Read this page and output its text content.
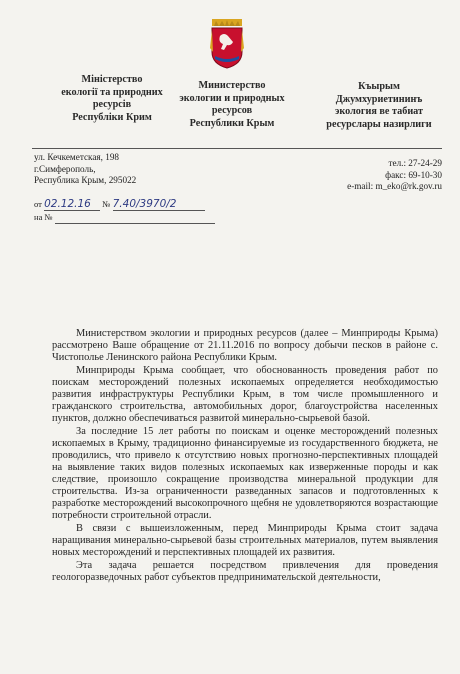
Міністерство
екології та природних
ресурсів
Республіки Крим
Министерство
экологии и природных
ресурсов
Республики Крым
Къырым
Джумхуриетининъ
экология ве табиат
ресурслары назирлиги
ул. Кечкеметская, 198
г.Симферополь,
Республика Крым, 295022
тел.: 27-24-29
факс: 69-10-30
e-mail: m_eko@rk.gov.ru
от 02.12.16 № 7.40/3970/2
на №

Министерством экологии и природных ресурсов (далее – Минприроды Крыма) рассмотрено Ваше обращение от 21.11.2016 по вопросу добычи песков в районе с. Чистополье Ленинского района Республики Крым.

Минприроды Крыма сообщает, что обоснованность проведения работ по поискам месторождений полезных ископаемых определяется необходимостью развития инфраструктуры Республики Крым, в том числе промышленного и гражданского строительства, автомобильных дорог, благоустройства населенных пунктов, должно обеспечиваться развитой минерально-сырьевой базой.

За последние 15 лет работы по поискам и оценке месторождений полезных ископаемых в Крыму, традиционно финансируемые из государственного бюджета, не проводились, что привело к отсутствию новых прогнозно-перспективных площадей на выявление таких видов полезных ископаемых как изверженные породы и как следствие, произошло сокращение производства минеральной продукции для строительства. Из-за ограниченности разведанных запасов и подготовленных к разработке месторождений высокопрочного щебня не удовлетворяются возрастающие потребности строительной отрасли.

В связи с вышеизложенным, перед Минприроды Крыма стоит задача наращивания минерально-сырьевой базы строительных материалов, путем выявления новых месторождений и перспективных площадей их развития.

Эта задача решается посредством привлечения для проведения геологоразведочных работ субъектов предпринимательской деятельности,
